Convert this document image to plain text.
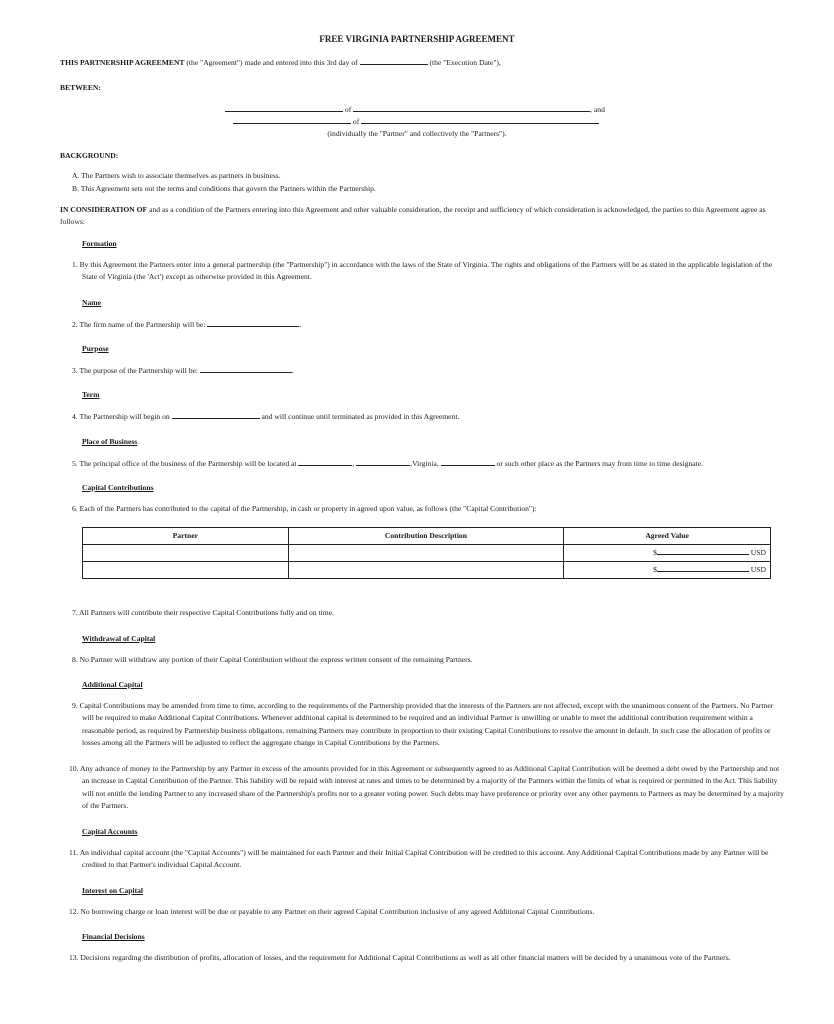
FREE VIRGINIA PARTNERSHIP AGREEMENT
THIS PARTNERSHIP AGREEMENT (the "Agreement") made and entered into this 3rd day of	(the "Execution Date"),
BETWEEN:
of	, and
of
(individually the "Partner" and collectively the "Partners").
BACKGROUND:
A. The Partners wish to associate themselves as partners in business.
B. This Agreement sets out the terms and conditions that govern the Partners within the Partnership.
IN CONSIDERATION OF and as a condition of the Partners entering into this Agreement and other valuable consideration, the receipt and sufficiency of which consideration is acknowledged, the parties to this Agreement agree as follows:
Formation
1. By this Agreement the Partners enter into a general partnership (the "Partnership") in accordance with the laws of the State of Virginia. The rights and obligations of the Partners will be as stated in the applicable legislation of the State of Virginia (the 'Act') except as otherwise provided in this Agreement.
Name
2. The firm name of the Partnership will be:	.
Purpose
3. The purpose of the Partnership will be:	.
Term
4. The Partnership will begin on	and will continue until terminated as provided in this Agreement.
Place of Business
5. The principal office of the business of the Partnership will be located at	,	,Virginia,	or such other place as the Partners may from time to time designate.
Capital Contributions
6. Each of the Partners has contributed to the capital of the Partnership, in cash or property in agreed upon value, as follows (the "Capital Contribution"):
Partner	Contribution Description	Agreed Value
		$ USD
		$ USD
7. All Partners will contribute their respective Capital Contributions fully and on time.
Withdrawal of Capital
8. No Partner will withdraw any portion of their Capital Contribution without the express written consent of the remaining Partners.
Additional Capital
9. Capital Contributions may be amended from time to time, according to the requirements of the Partnership provided that the interests of the Partners are not affected, except with the unanimous consent of the Partners. No Partner will be required to make Additional Capital Contributions. Whenever additional capital is determined to be required and an individual Partner is unwilling or unable to meet the additional contribution requirement within a reasonable period, as required by Partnership business obligations, remaining Partners may contribute in proportion to their existing Capital Contributions to resolve the amount in default. In such case the allocation of profits or losses among all the Partners will be adjusted to reflect the aggregate change in Capital Contributions by the Partners.
10. Any advance of money to the Partnership by any Partner in excess of the amounts provided for in this Agreement or subsequently agreed to as Additional Capital Contribution will be deemed a debt owed by the Partnership and not an increase in Capital Contribution of the Partner. This liability will be repaid with interest at rates and times to be determined by a majority of the Partners within the limits of what is required or permitted in the Act. This liability will not entitle the lending Partner to any increased share of the Partnership's profits nor to a greater voting power. Such debts may have preference or priority over any other payments to Partners as may be determined by a majority of the Partners.
Capital Accounts
11. An individual capital account (the "Capital Accounts") will be maintained for each Partner and their Initial Capital Contribution will be credited to this account. Any Additional Capital Contributions made by any Partner will be credited to that Partner's individual Capital Account.
Interest on Capital
12. No borrowing charge or loan interest will be due or payable to any Partner on their agreed Capital Contribution inclusive of any agreed Additional Capital Contributions.
Financial Decisions
13. Decisions regarding the distribution of profits, allocation of losses, and the requirement for Additional Capital Contributions as well as all other financial matters will be decided by a unanimous vote of the Partners.
